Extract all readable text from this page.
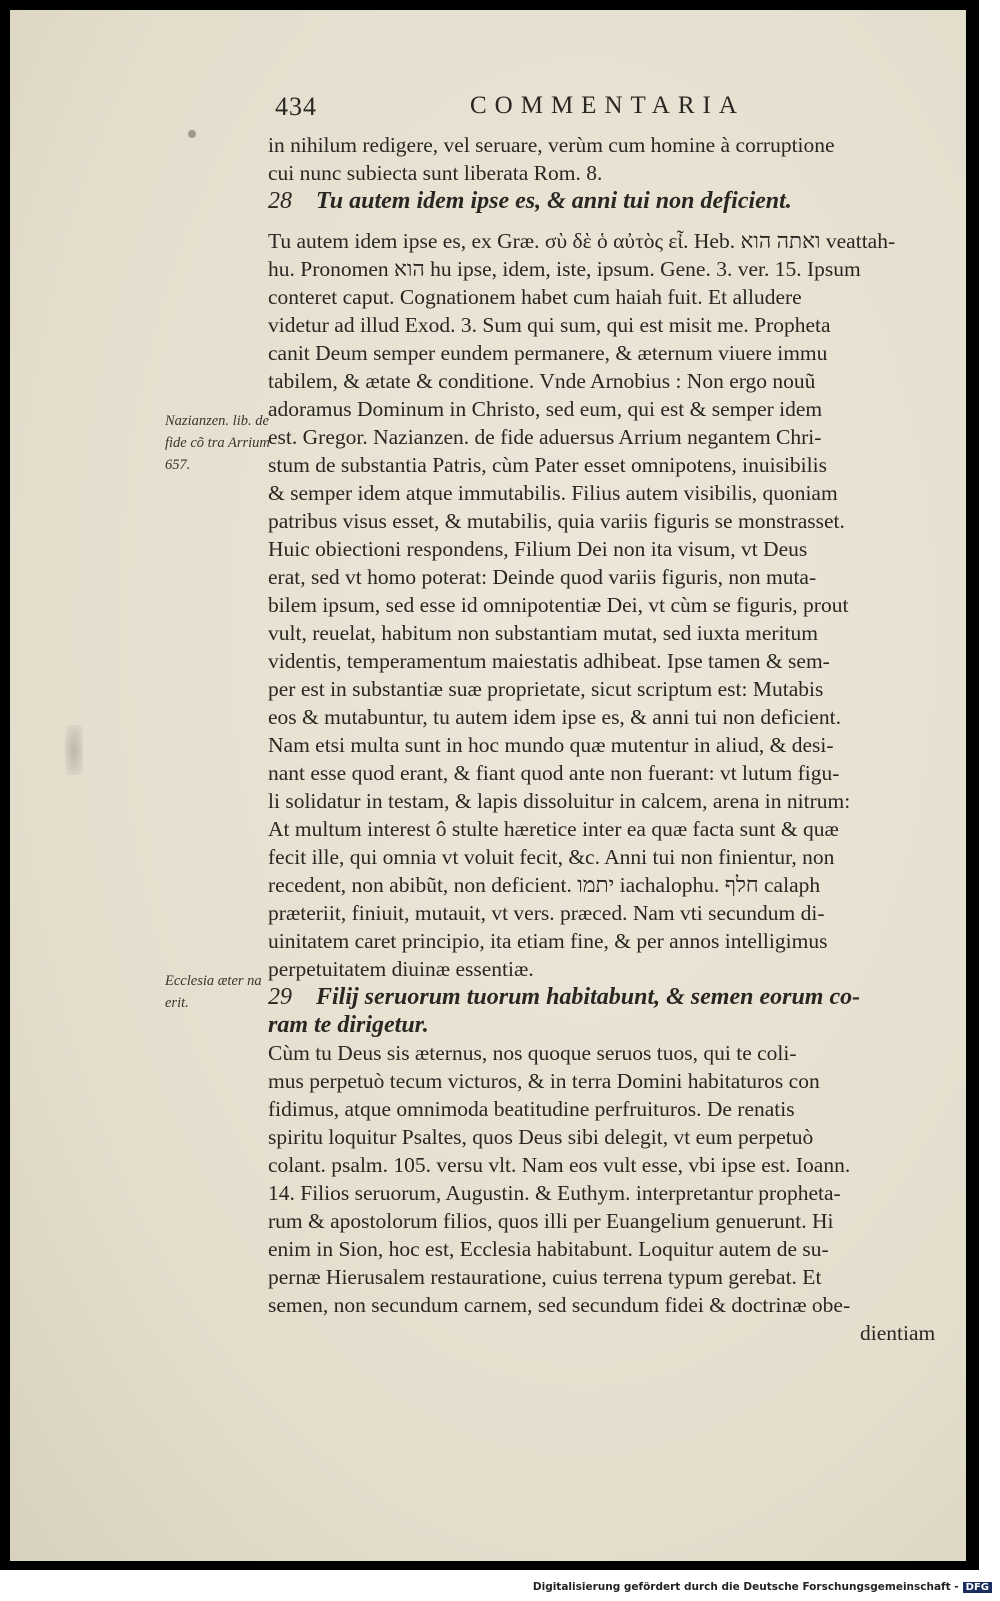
434	COMMENTARIA
Nazianzen. lib. de fide cõ tra Arrium 657.
Ecclesia æter na erit.
in nihilum redigere, vel seruare, verùm cum homine à corruptione
cui nunc subiecta sunt liberata Rom. 8.
28 Tu autem idem ipse es, & anni tui non deficient.
Tu autem idem ipse es, ex Græ. σὺ δὲ ὁ αὐτὸς εἶ. Heb. ואתה הוא veattah-
hu. Pronomen הוא hu ipse, idem, iste, ipsum. Gene. 3. ver. 15. Ipsum
conteret caput. Cognationem habet cum haiah fuit. Et alludere
videtur ad illud Exod. 3. Sum qui sum, qui est misit me. Propheta
canit Deum semper eundem permanere, & æternum viuere immu
tabilem, & ætate & conditione. Vnde Arnobius : Non ergo nouũ
adoramus Dominum in Christo, sed eum, qui est & semper idem
est. Gregor. Nazianzen. de fide aduersus Arrium negantem Chri-
stum de substantia Patris, cùm Pater esset omnipotens, inuisibilis
& semper idem atque immutabilis. Filius autem visibilis, quoniam
patribus visus esset, & mutabilis, quia variis figuris se monstrasset.
Huic obiectioni respondens, Filium Dei non ita visum, vt Deus
erat, sed vt homo poterat: Deinde quod variis figuris, non muta-
bilem ipsum, sed esse id omnipotentiæ Dei, vt cùm se figuris, prout
vult, reuelat, habitum non substantiam mutat, sed iuxta meritum
videntis, temperamentum maiestatis adhibeat. Ipse tamen & sem-
per est in substantiæ suæ proprietate, sicut scriptum est: Mutabis
eos & mutabuntur, tu autem idem ipse es, & anni tui non deficient.
Nam etsi multa sunt in hoc mundo quæ mutentur in aliud, & desi-
nant esse quod erant, & fiant quod ante non fuerant: vt lutum figu-
li solidatur in testam, & lapis dissoluitur in calcem, arena in nitrum:
At multum interest ô stulte hæretice inter ea quæ facta sunt & quæ
fecit ille, qui omnia vt voluit fecit, &c. Anni tui non finientur, non
recedent, non abibũt, non deficient. יתמו iachalophu. חלף calaph
præteriit, finiuit, mutauit, vt vers. præced. Nam vti secundum di-
uinitatem caret principio, ita etiam fine, & per annos intelligimus
perpetuitatem diuinæ essentiæ.
29 Filij seruorum tuorum habitabunt, & semen eorum co-
ram te dirigetur.
Cùm tu Deus sis æternus, nos quoque seruos tuos, qui te coli-
mus perpetuò tecum victuros, & in terra Domini habitaturos con
fidimus, atque omnimoda beatitudine perfruituros. De renatis
spiritu loquitur Psaltes, quos Deus sibi delegit, vt eum perpetuò
colant. psalm. 105. versu vlt. Nam eos vult esse, vbi ipse est. Ioann.
14. Filios seruorum, Augustin. & Euthym. interpretantur propheta-
rum & apostolorum filios, quos illi per Euangelium genuerunt. Hi
enim in Sion, hoc est, Ecclesia habitabunt. Loquitur autem de su-
pernæ Hierusalem restauratione, cuius terrena typum gerebat. Et
semen, non secundum carnem, sed secundum fidei & doctrinæ obe-
dientiam
Digitalisierung gefördert durch die Deutsche Forschungsgemeinschaft - DFG
